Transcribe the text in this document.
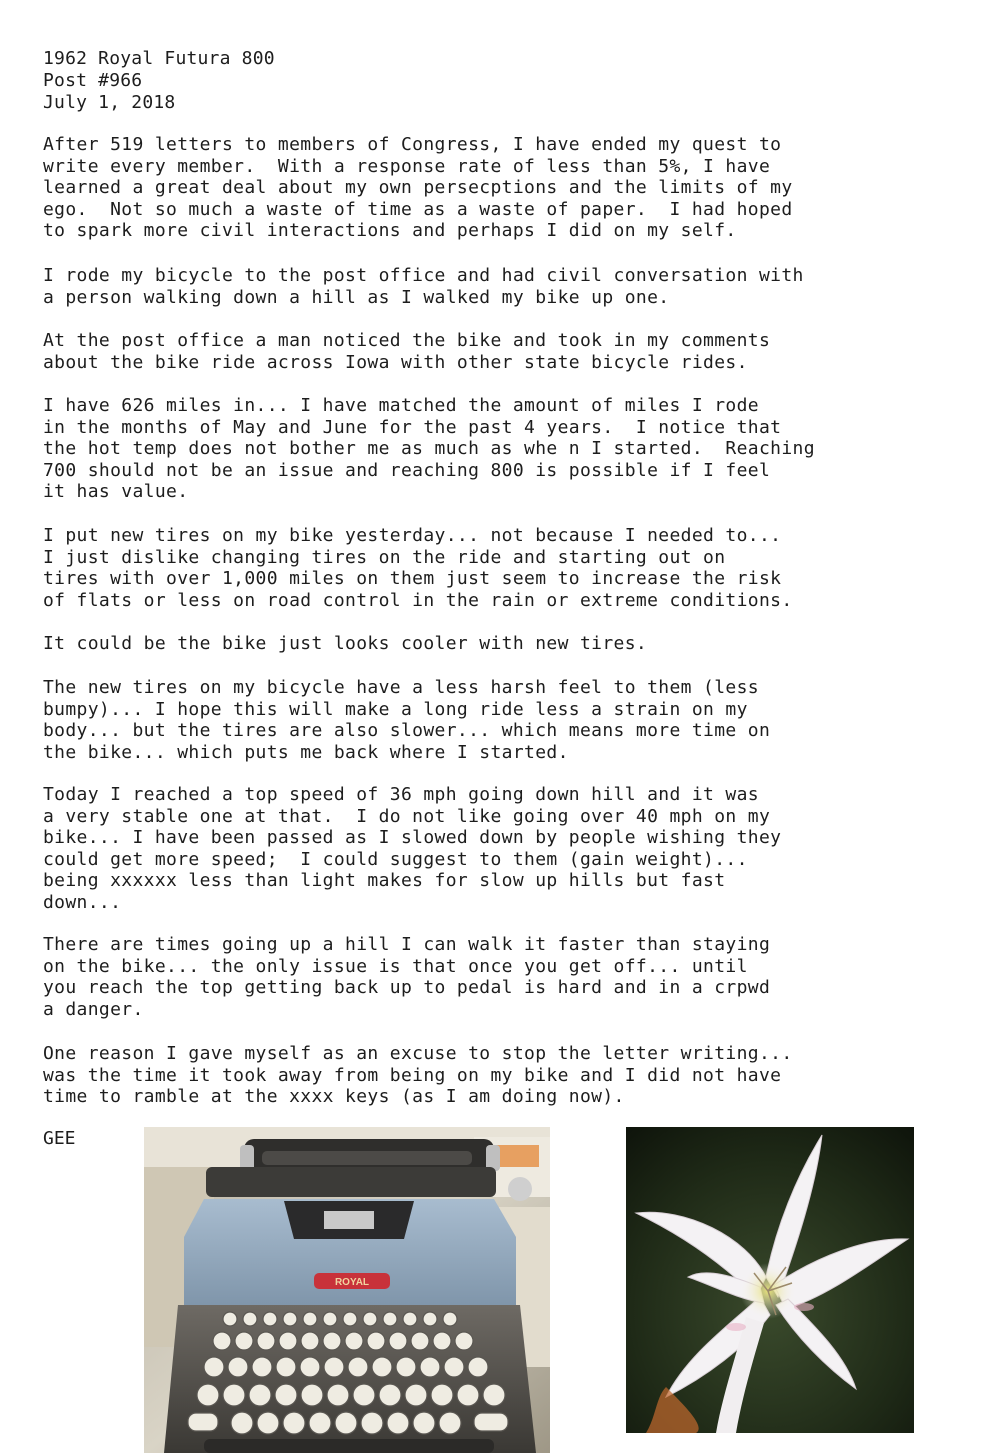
1962 Royal Futura 800
Post #966
July 1, 2018
After 519 letters to members of Congress, I have ended my quest to
write every member.  With a response rate of less than 5%, I have
learned a great deal about my own persecptions and the limits of my
ego.  Not so much a waste of time as a waste of paper.  I had hoped
to spark more civil interactions and perhaps I did on my self.
I rode my bicycle to the post office and had civil conversation with
a person walking down a hill as I walked my bike up one.
At the post office a man noticed the bike and took in my comments
about the bike ride across Iowa with other state bicycle rides.
I have 626 miles in... I have matched the amount of miles I rode
in the months of May and June for the past 4 years.  I notice that
the hot temp does not bother me as much as whe n I started.  Reaching
700 should not be an issue and reaching 800 is possible if I feel
it has value.
I put new tires on my bike yesterday... not because I needed to...
I just dislike changing tires on the ride and starting out on
tires with over 1,000 miles on them just seem to increase the risk
of flats or less on road control in the rain or extreme conditions.
It could be the bike just looks cooler with new tires.
The new tires on my bicycle have a less harsh feel to them (less
bumpy)... I hope this will make a long ride less a strain on my
body... but the tires are also slower... which means more time on
the bike... which puts me back where I started.
Today I reached a top speed of 36 mph going down hill and it was
a very stable one at that.  I do not like going over 40 mph on my
bike... I have been passed as I slowed down by people wishing they
could get more speed;  I could suggest to them (gain weight)...
being xxxxxx less than light makes for slow up hills but fast
down...
There are times going up a hill I can walk it faster than staying
on the bike... the only issue is that once you get off... until
you reach the top getting back up to pedal is hard and in a crpwd
a danger.
One reason I gave myself as an excuse to stop the letter writing...
was the time it took away from being on my bike and I did not have
time to ramble at the xxxx keys (as I am doing now).
GEE
ROYAL
